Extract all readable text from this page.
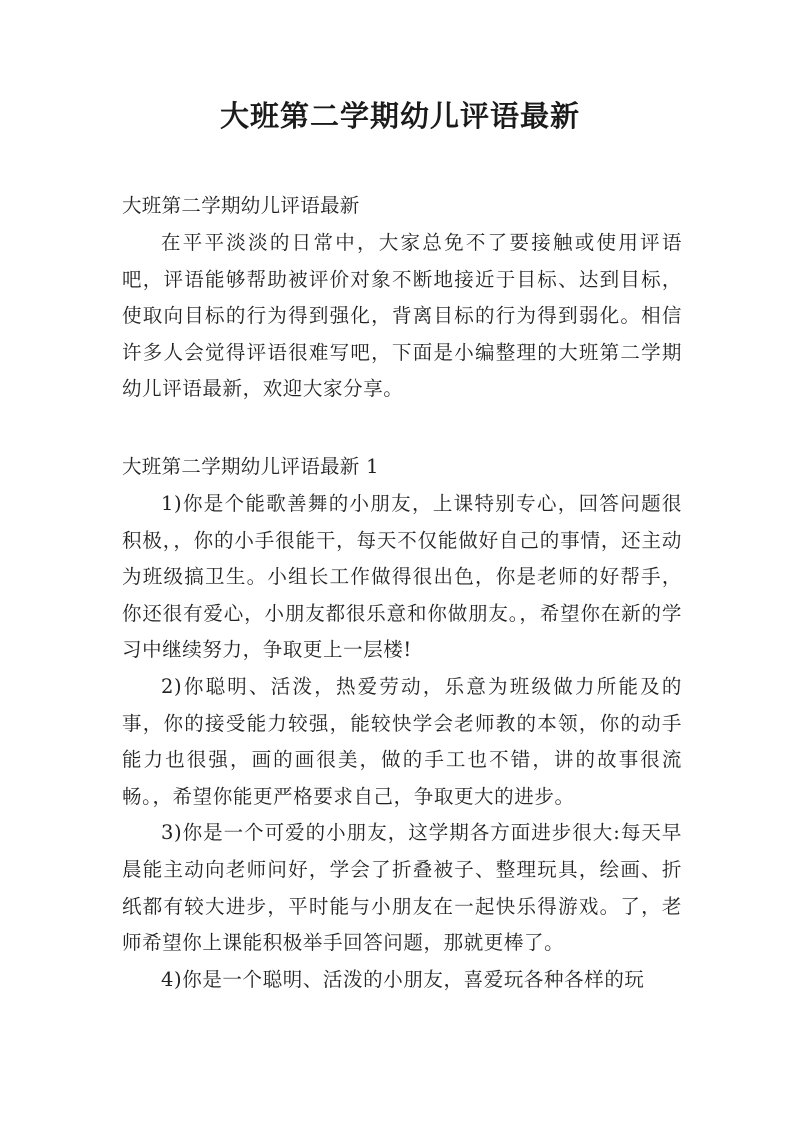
大班第二学期幼儿评语最新
大班第二学期幼儿评语最新

在平平淡淡的日常中，大家总免不了要接触或使用评语吧，评语能够帮助被评价对象不断地接近于目标、达到目标，使取向目标的行为得到强化，背离目标的行为得到弱化。相信许多人会觉得评语很难写吧，下面是小编整理的大班第二学期幼儿评语最新，欢迎大家分享。

大班第二学期幼儿评语最新 1

1)你是个能歌善舞的小朋友，上课特别专心，回答问题很积极，，你的小手很能干，每天不仅能做好自己的事情，还主动为班级搞卫生。小组长工作做得很出色，你是老师的好帮手，你还很有爱心，小朋友都很乐意和你做朋友。，希望你在新的学习中继续努力，争取更上一层楼!

2)你聪明、活泼，热爱劳动，乐意为班级做力所能及的事，你的接受能力较强，能较快学会老师教的本领，你的动手能力也很强，画的画很美，做的手工也不错，讲的故事很流畅。，希望你能更严格要求自己，争取更大的进步。

3)你是一个可爱的小朋友，这学期各方面进步很大:每天早晨能主动向老师问好，学会了折叠被子、整理玩具，绘画、折纸都有较大进步，平时能与小朋友在一起快乐得游戏。了，老师希望你上课能积极举手回答问题，那就更棒了。

4)你是一个聪明、活泼的小朋友，喜爱玩各种各样的玩
